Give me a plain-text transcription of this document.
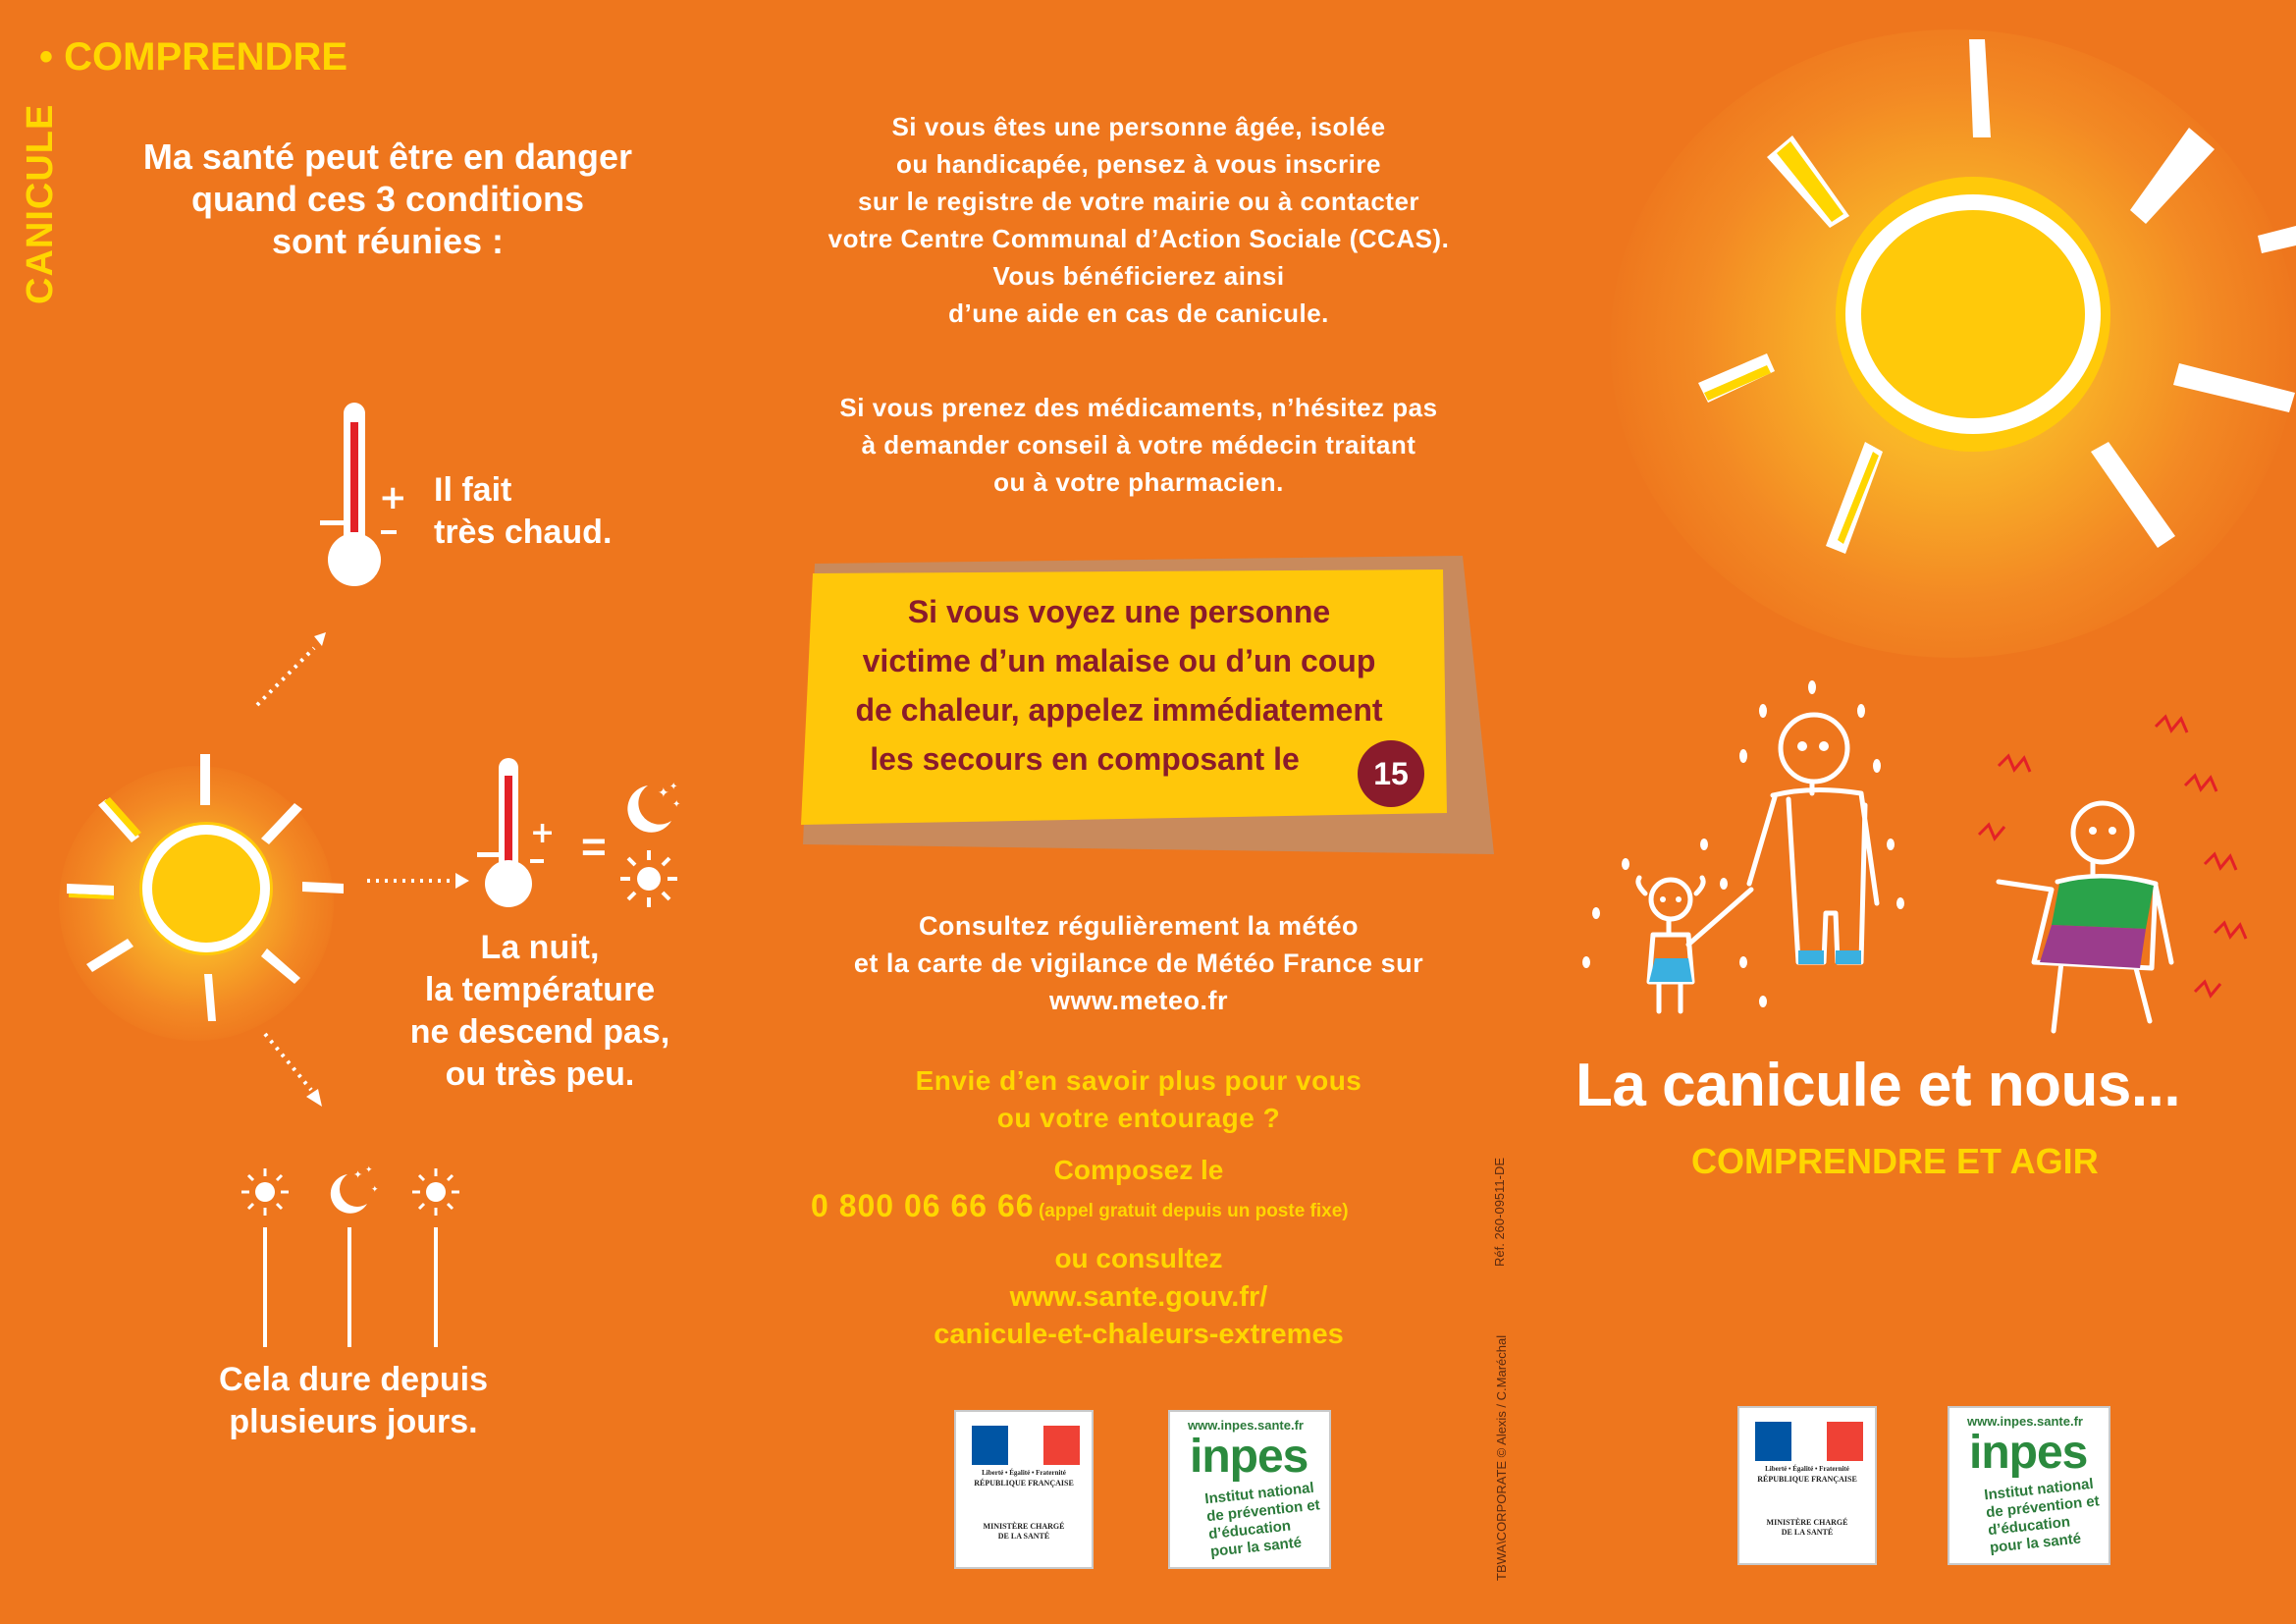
CANICULE
• COMPRENDRE
Ma santé peut être en danger
quand ces 3 conditions
sont réunies :
+ Il fait
très chaud.
+ =
✦ ✦
✦
La nuit,
la température
ne descend pas,
ou très peu.
✦ ✦
✦
Cela dure depuis
plusieurs jours.
Si vous êtes une personne âgée, isolée
ou handicapée, pensez à vous inscrire
sur le registre de votre mairie ou à contacter
votre Centre Communal d’Action Sociale (CCAS).
Vous bénéficierez ainsi
d’une aide en cas de canicule.
Si vous prenez des médicaments, n’hésitez pas
à demander conseil à votre médecin traitant
ou à votre pharmacien.
Si vous voyez une personne
victime d’un malaise ou d’un coup
de chaleur, appelez immédiatement
les secours en composant le	15
Consultez régulièrement la météo
et la carte de vigilance de Météo France sur
www.meteo.fr
Envie d’en savoir plus pour vous
ou votre entourage ?
Composez le
0 800 06 66 66 (appel gratuit depuis un poste fixe)
ou consultez
www.sante.gouv.fr/
canicule-et-chaleurs-extremes
Liberté • Égalité • Fraternité
RÉPUBLIQUE FRANÇAISE
MINISTÈRE CHARGÉ
DE LA SANTÉ
www.inpes.sante.fr
inpes
Institut national de prévention et d’éducation pour la santé	TBWA\CORPORATE © Alexis / C.Maréchal
Réf. 260-09511-DE
La canicule et nous...
COMPRENDRE ET AGIR
Liberté • Égalité • Fraternité
RÉPUBLIQUE FRANÇAISE
MINISTÈRE CHARGÉ
DE LA SANTÉ
www.inpes.sante.fr
inpes
Institut national de prévention et d’éducation pour la santé
